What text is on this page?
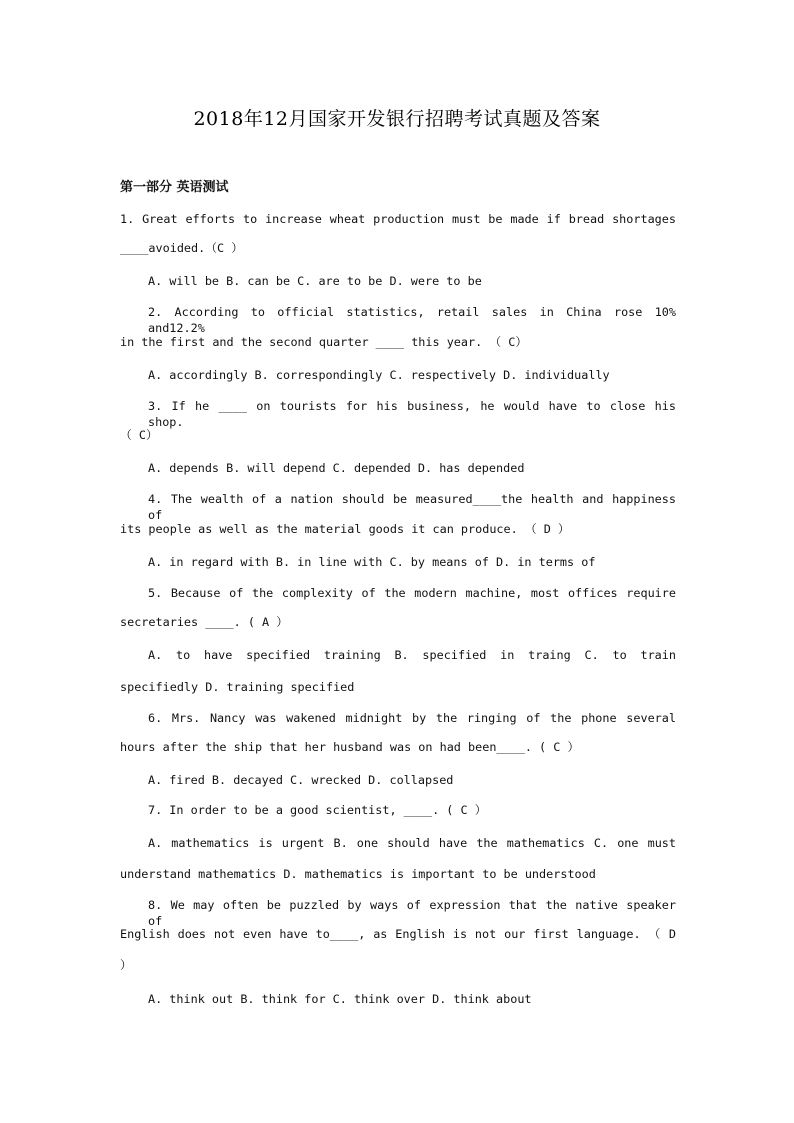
2018年12月国家开发银行招聘考试真题及答案
第一部分 英语测试
1. Great efforts to increase wheat production must be made if bread shortages
____avoided.（C ）
A. will be B. can be C. are to be D. were to be
2. According to official statistics, retail sales in China rose 10% and12.2%
in the first and the second quarter ____ this year. （ C）
A. accordingly B. correspondingly C. respectively D. individually
3. If he ____ on tourists for his business, he would have to close his shop.
（ C）
A. depends B. will depend C. depended D. has depended
4. The wealth of a nation should be measured____the health and happiness of
its people as well as the material goods it can produce. （ D ）
A. in regard with B. in line with C. by means of D. in terms of
5. Because of the complexity of the modern machine, most offices require
secretaries ____. ( A ）
A. to have specified training B. specified in traing C. to train
specifiedly D. training specified
6. Mrs. Nancy was wakened midnight by the ringing of the phone several
hours after the ship that her husband was on had been____. ( C ）
A. fired B. decayed C. wrecked D. collapsed
7. In order to be a good scientist, ____. ( C ）
A. mathematics is urgent B. one should have the mathematics C. one must
understand mathematics D. mathematics is important to be understood
8. We may often be puzzled by ways of expression that the native speaker of
English does not even have to____, as English is not our first language. （ D
）
A. think out B. think for C. think over D. think about
